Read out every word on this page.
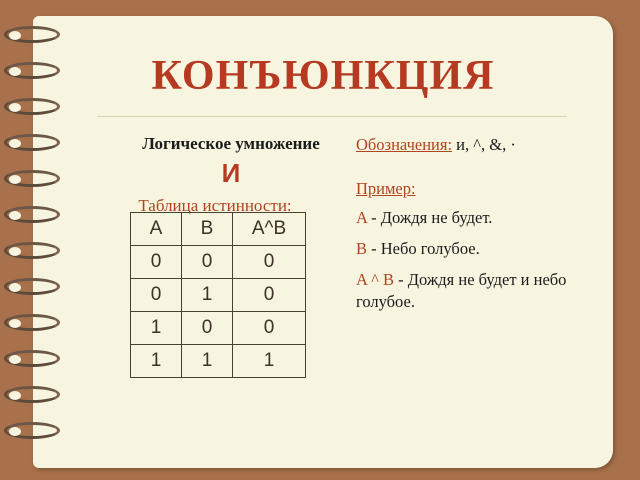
КОНЪЮНКЦИЯ
Логическое умножение
И
Таблица истинности:
A	B	A^B
0	0	0
0	1	0
1	0	0
1	1	1

Обозначения: и, ^, &, ·

Пример:

A - Дождя не будет.

B - Небо голубое.

A ^ B - Дождя не будет и небо голубое.
